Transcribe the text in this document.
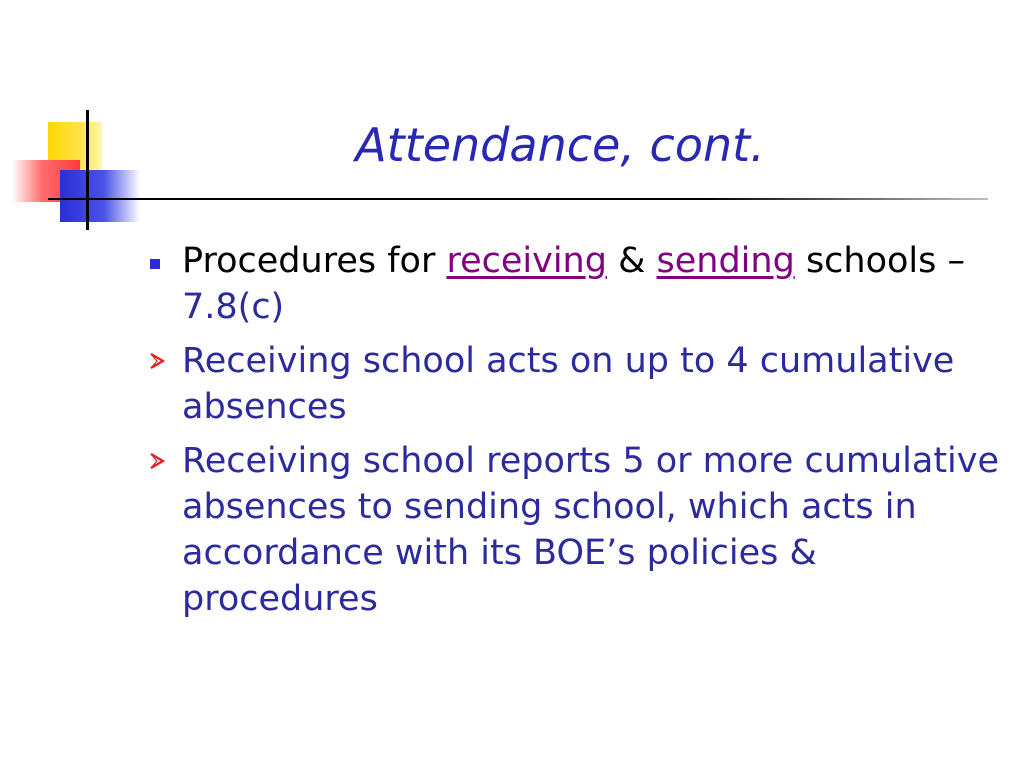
Attendance, cont.
Procedures for receiving & sending schools – 7.8(c)
Receiving school acts on up to 4 cumulative absences
Receiving school reports 5 or more cumulative absences to sending school, which acts in accordance with its BOE’s policies & procedures
